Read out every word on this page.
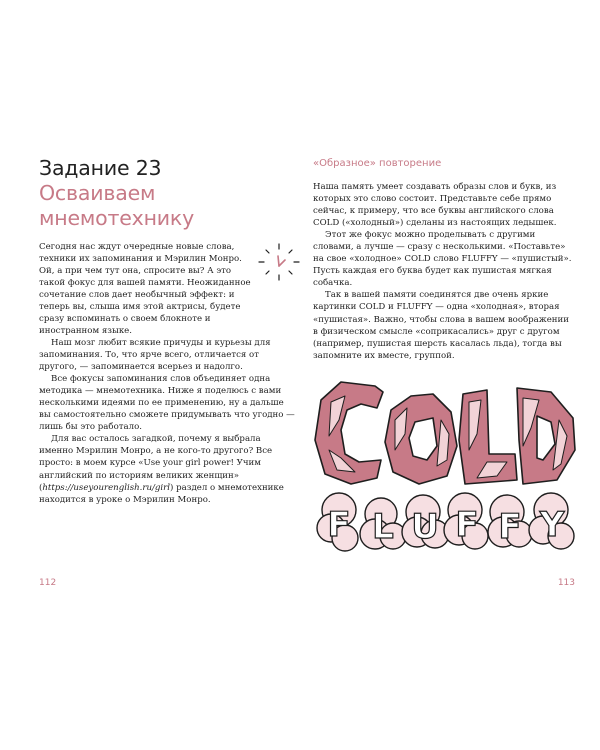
Задание 23
Осваиваем мнемотехнику

Сегодня нас ждут очередные новые слова, техники их запоминания и Мэрилин Монро. Ой, а при чем тут она, спросите вы? А это такой фокус для вашей памяти. Неожиданное сочетание слов дает необычный эффект: и теперь вы, слыша имя этой актрисы, будете сразу вспоминать о своем блокноте и иностранном языке.

Наш мозг любит всякие причуды и курьезы для запоминания. То, что ярче всего, отличается от другого, — запоминается всерьез и надолго.

Все фокусы запоминания слов объединяет одна методика — мнемотехника. Ниже я поделюсь с вами несколькими идеями по ее применению, ну а дальше вы самостоятельно сможете придумывать что угодно — лишь бы это работало.

Для вас осталось загадкой, почему я выбрала именно Мэрилин Монро, а не кого-то другого? Все просто: в моем курсе «Use your girl power! Учим английский по историям великих женщин» (https://useyourenglish.ru/girl) раздел о мнемотехнике находится в уроке о Мэрилин Монро.

112
«Образное» повторение

Наша память умеет создавать образы слов и букв, из которых это слово состоит. Представьте себе прямо сейчас, к примеру, что все буквы английского слова COLD («холодный») сделаны из настоящих ледышек.

Этот же фокус можно проделывать с другими словами, а лучше — сразу с несколькими. «Поставьте» на свое «холодное» COLD слово FLUFFY — «пушистый». Пусть каждая его буква будет как пушистая мягкая собачка.

Так в вашей памяти соединятся две очень яркие картинки COLD и FLUFFY — одна «холодная», вторая «пушистая». Важно, чтобы слова в вашем воображении в физическом смысле «соприкасались» друг с другом (например, пушистая шерсть касалась льда), тогда вы запомните их вместе, группой.

F L U F F Y
113
